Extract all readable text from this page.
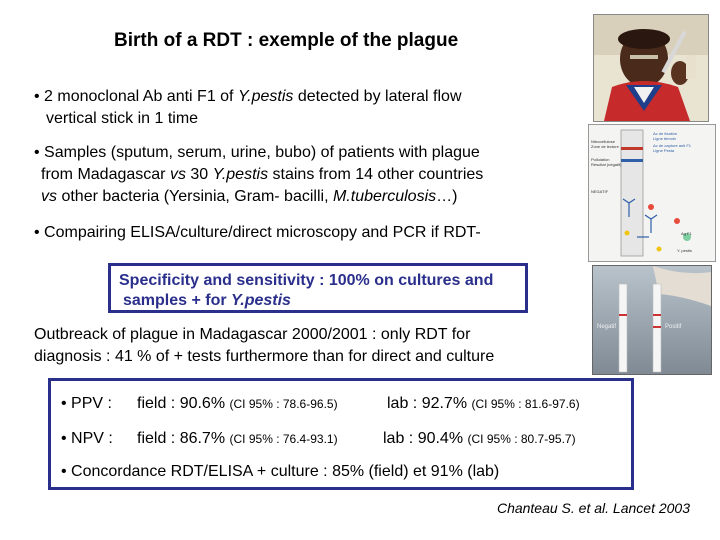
Birth of a RDT : exemple of the plague
• 2 monoclonal Ab anti F1 of Y.pestis detected by lateral flow
vertical stick in 1 time
• Samples (sputum, serum, urine, bubo) of patients with plague
from Madagascar vs 30 Y.pestis stains from 14 other countries
vs other bacteria (Yersinia, Gram- bacilli, M.tuberculosis…)
• Compairing ELISA/culture/direct microscopy and PCR if RDT-
Specificity and sensitivity : 100% on cultures and
samples + for Y.pestis
Outbreack of plague in Madagascar 2000/2001 : only RDT for
diagnosis : 41 % of + tests furthermore than for direct and culture
• PPV : field : 90.6% (CI 95% : 78.6-96.5)	lab : 92.7% (CI 95% : 81.6-97.6)
• NPV : field : 86.7% (CI 95% : 76.4-93.1)	lab : 90.4% (CI 95% : 80.7-95.7)
• Concordance RDT/ELISA + culture : 85% (field) et 91% (lab)
Chanteau S. et al. Lancet 2003
Nitrocellulose
Zone de lecture
Pullulation
Résultat (négatif)
NEGATIF
Ac de fixation
Ligne témoin
Ac de capture anti F1
Ligne Pesta
Ag F1
Y. pestis
Negatif	Positif
